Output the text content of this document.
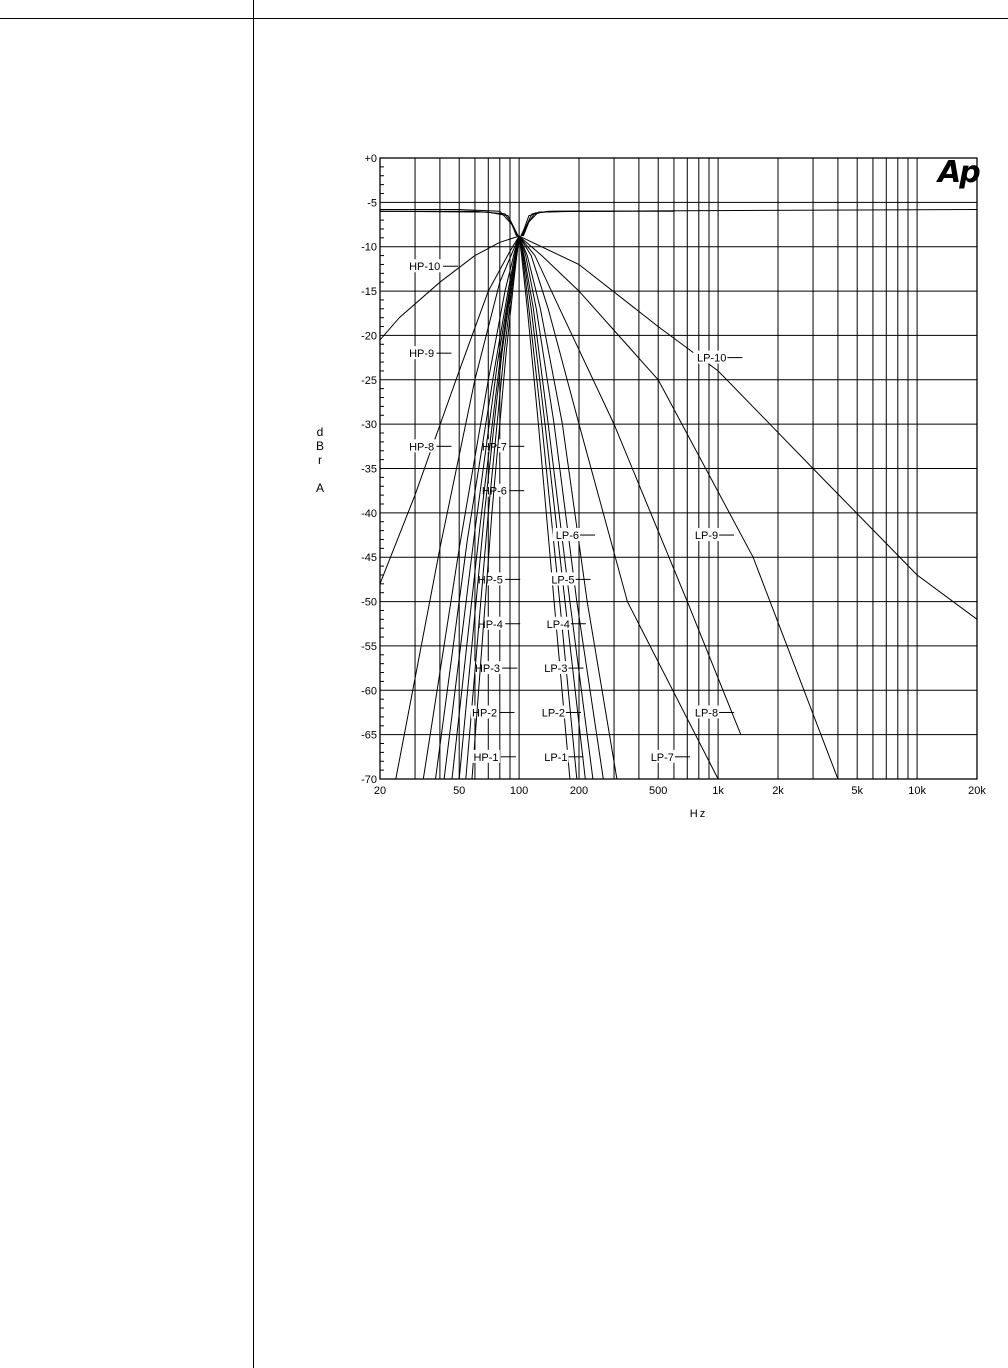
d
B
r
A
+0
-5
-10
-15
-20
-25
-30
-35
-40
-45
-50
-55
-60
-65
-70
20	50	100	200	500	1k	2k	5k	10k	20k
Hz
HP-10
HP-9
HP-8	HP-7
HP-6
HP-5
HP-4
HP-3
HP-2
HP-1	LP-1
LP-2
LP-3
LP-4
LP-5
LP-6
LP-7
LP-8
LP-9
LP-10
Ap
